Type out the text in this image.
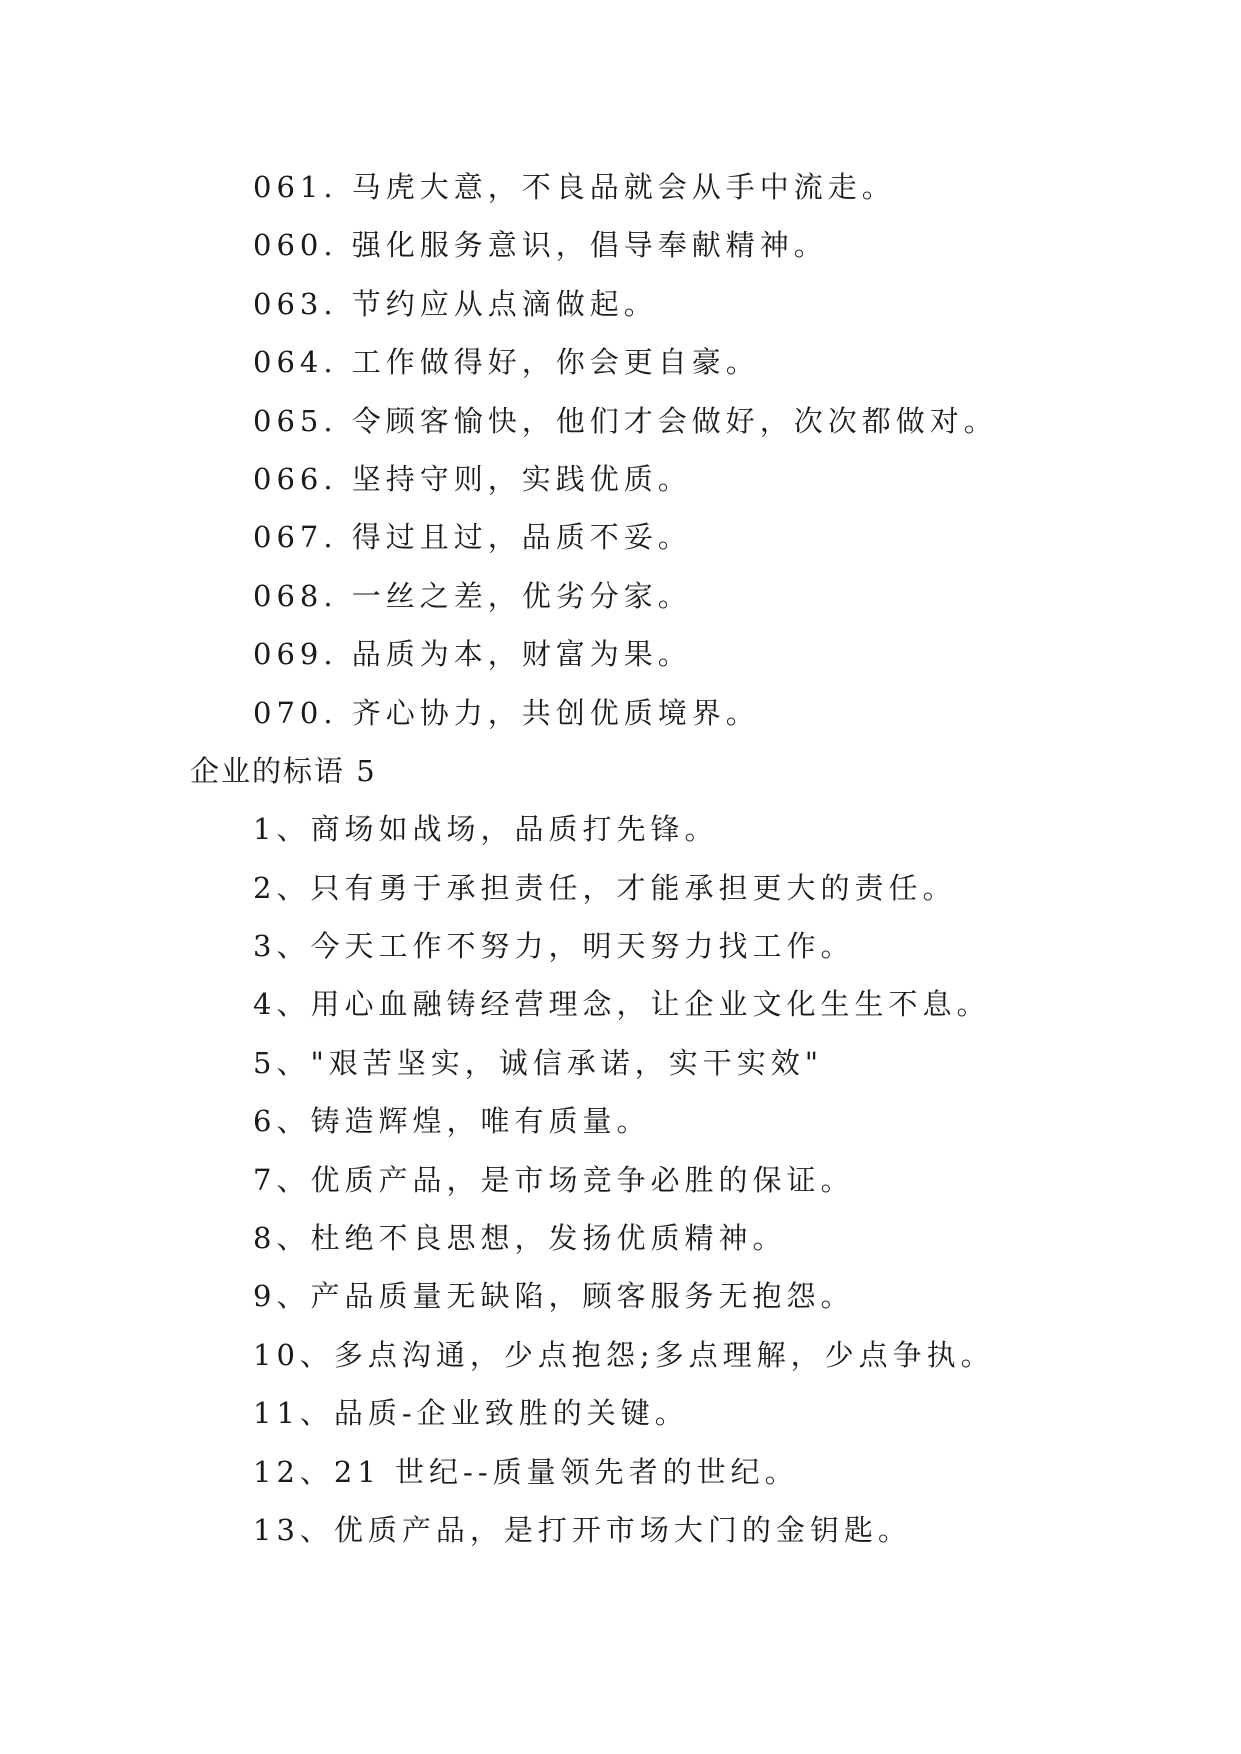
061. 马虎大意，不良品就会从手中流走。

060. 强化服务意识，倡导奉献精神。

063. 节约应从点滴做起。

064. 工作做得好，你会更自豪。

065. 令顾客愉快，他们才会做好，次次都做对。

066. 坚持守则，实践优质。

067. 得过且过，品质不妥。

068. 一丝之差，优劣分家。

069. 品质为本，财富为果。

070. 齐心协力，共创优质境界。

企业的标语 5

1、商场如战场，品质打先锋。

2、只有勇于承担责任，才能承担更大的责任。

3、今天工作不努力，明天努力找工作。

4、用心血融铸经营理念，让企业文化生生不息。

5、"艰苦坚实，诚信承诺，实干实效"

6、铸造辉煌，唯有质量。

7、优质产品，是市场竞争必胜的保证。

8、杜绝不良思想，发扬优质精神。

9、产品质量无缺陷，顾客服务无抱怨。

10、多点沟通，少点抱怨;多点理解，少点争执。

11、品质-企业致胜的关键。

12、21 世纪--质量领先者的世纪。

13、优质产品，是打开市场大门的金钥匙。
